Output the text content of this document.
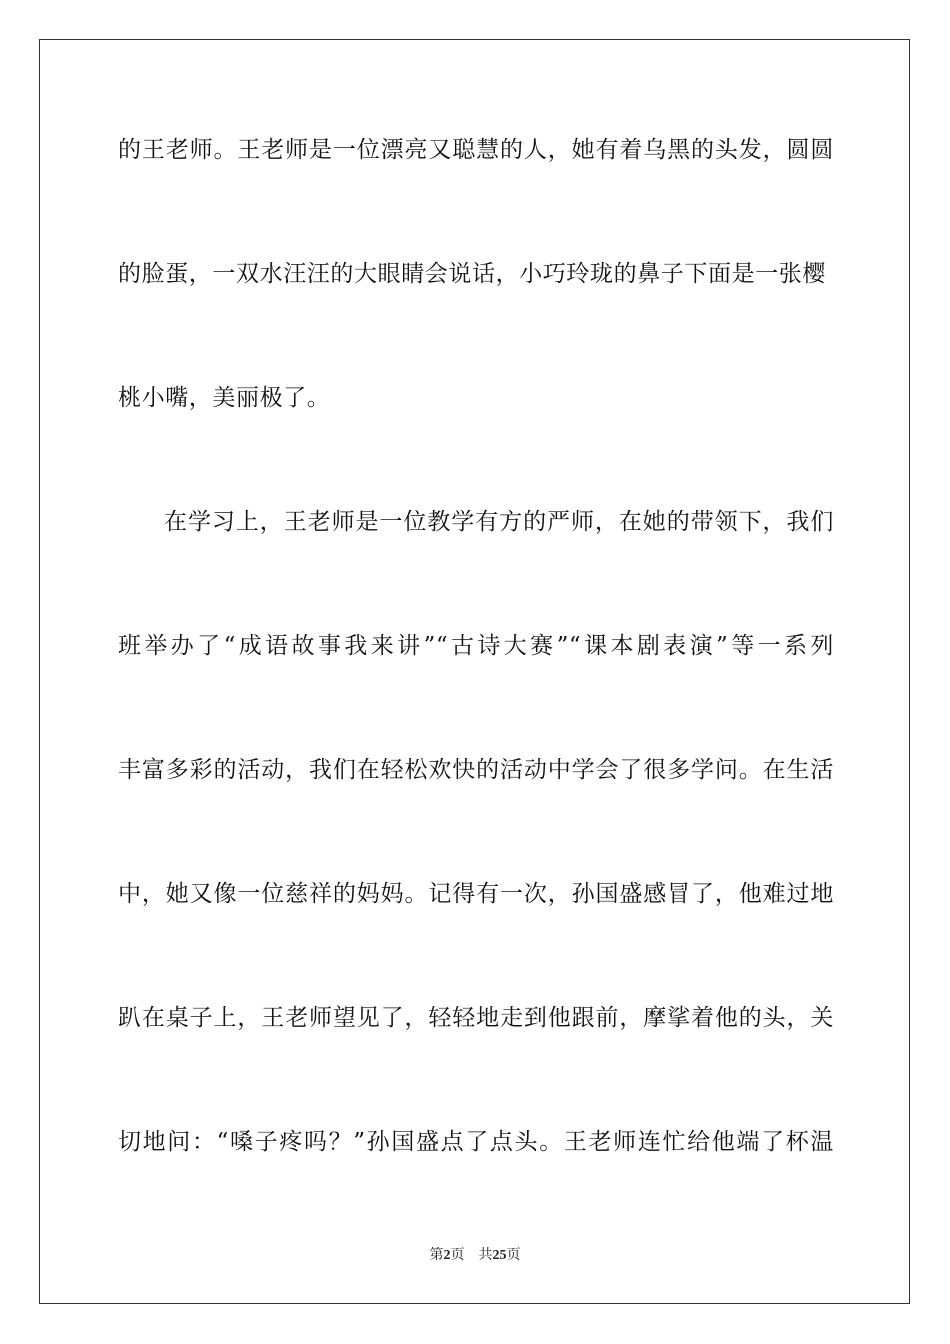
的王老师。王老师是一位漂亮又聪慧的人，她有着乌黑的头发，圆圆
的脸蛋，一双水汪汪的大眼睛会说话，小巧玲珑的鼻子下面是一张樱
桃小嘴，美丽极了。
在学习上，王老师是一位教学有方的严师，在她的带领下，我们
班举办了“成语故事我来讲”“古诗大赛”“课本剧表演”等一系列
丰富多彩的活动，我们在轻松欢快的活动中学会了很多学问。在生活
中，她又像一位慈祥的妈妈。记得有一次，孙国盛感冒了，他难过地
趴在桌子上，王老师望见了，轻轻地走到他跟前，摩挲着他的头，关
切地问：“嗓子疼吗？”孙国盛点了点头。王老师连忙给他端了杯温
第2页 共25页
